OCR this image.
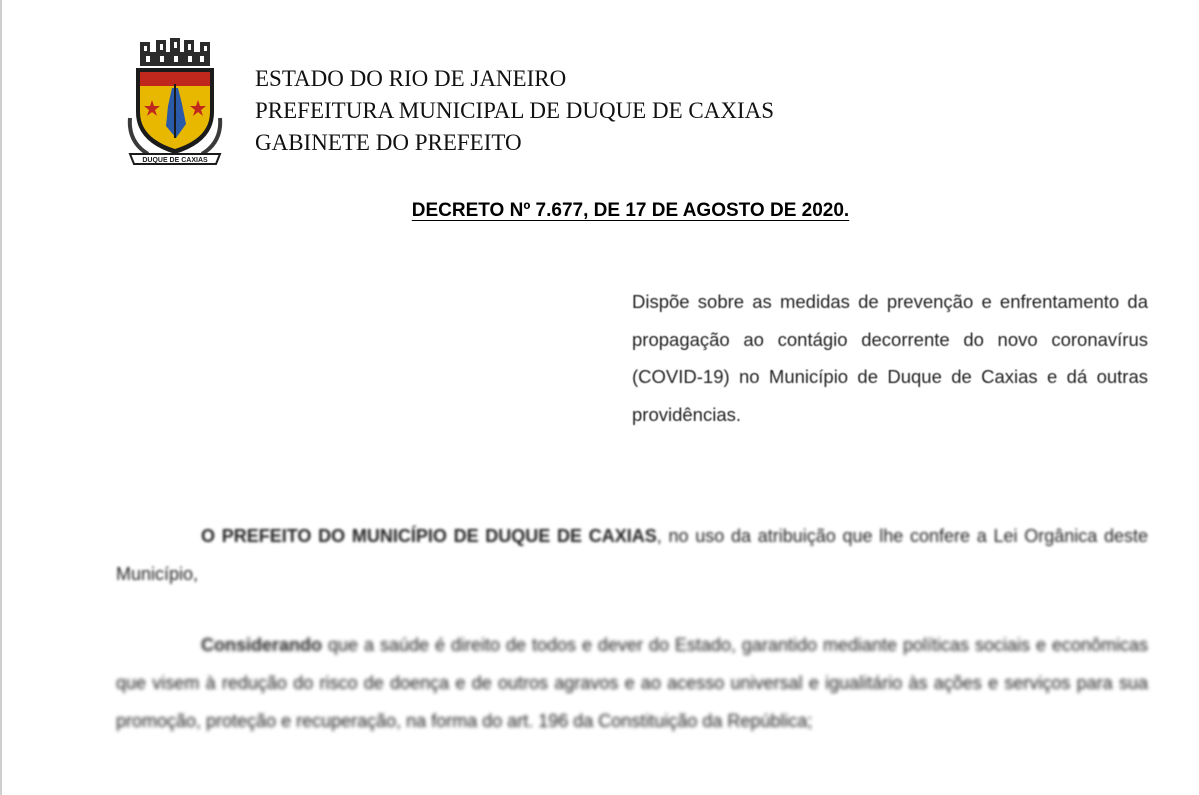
DUQUE DE CAXIAS
ESTADO DO RIO DE JANEIRO
PREFEITURA MUNICIPAL DE DUQUE DE CAXIAS
GABINETE DO PREFEITO
DECRETO Nº 7.677, DE 17 DE AGOSTO DE 2020.
Dispõe sobre as medidas de prevenção e enfrentamento da propagação ao contágio decorrente do novo coronavírus (COVID-19) no Município de Duque de Caxias e dá outras providências.
O PREFEITO DO MUNICÍPIO DE DUQUE DE CAXIAS, no uso da atribuição que lhe confere a Lei Orgânica deste Município,
Considerando que a saúde é direito de todos e dever do Estado, garantido mediante políticas sociais e econômicas que visem à redução do risco de doença e de outros agravos e ao acesso universal e igualitário às ações e serviços para sua promoção, proteção e recuperação, na forma do art. 196 da Constituição da República;
